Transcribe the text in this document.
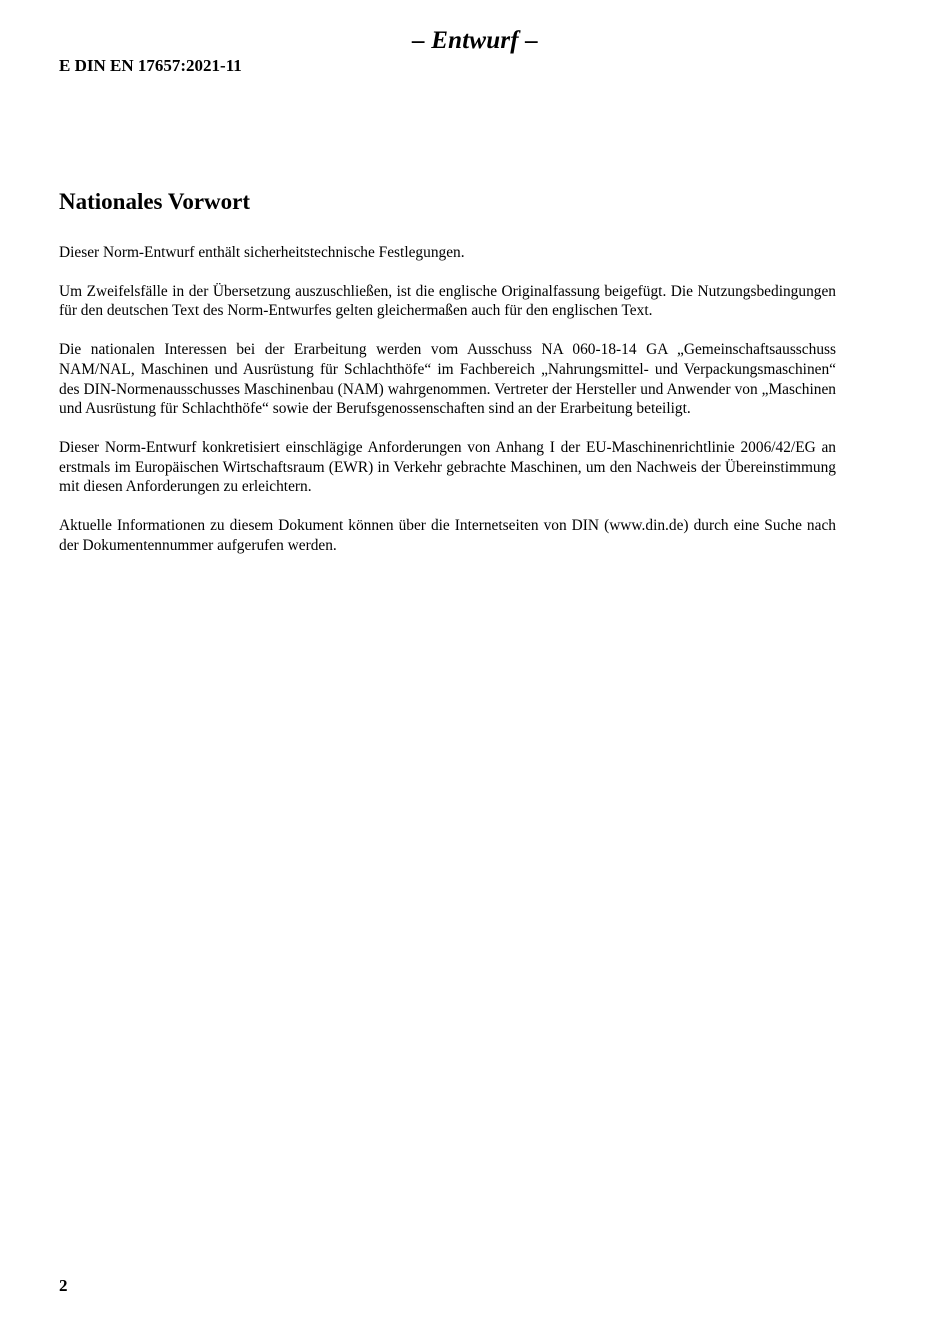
– Entwurf –
E DIN EN 17657:2021-11
Nationales Vorwort

Dieser Norm-Entwurf enthält sicherheitstechnische Festlegungen.

Um Zweifelsfälle in der Übersetzung auszuschließen, ist die englische Originalfassung beigefügt. Die Nutzungsbedingungen für den deutschen Text des Norm-Entwurfes gelten gleichermaßen auch für den englischen Text.

Die nationalen Interessen bei der Erarbeitung werden vom Ausschuss NA 060-18-14 GA „Gemeinschaftsausschuss NAM/NAL, Maschinen und Ausrüstung für Schlachthöfe“ im Fachbereich „Nahrungsmittel- und Verpackungsmaschinen“ des DIN-Normenausschusses Maschinenbau (NAM) wahrgenommen. Vertreter der Hersteller und Anwender von „Maschinen und Ausrüstung für Schlachthöfe“ sowie der Berufsgenossenschaften sind an der Erarbeitung beteiligt.

Dieser Norm-Entwurf konkretisiert einschlägige Anforderungen von Anhang I der EU-Maschinenrichtlinie 2006/42/EG an erstmals im Europäischen Wirtschaftsraum (EWR) in Verkehr gebrachte Maschinen, um den Nachweis der Übereinstimmung mit diesen Anforderungen zu erleichtern.

Aktuelle Informationen zu diesem Dokument können über die Internetseiten von DIN (www.din.de) durch eine Suche nach der Dokumentennummer aufgerufen werden.

2
